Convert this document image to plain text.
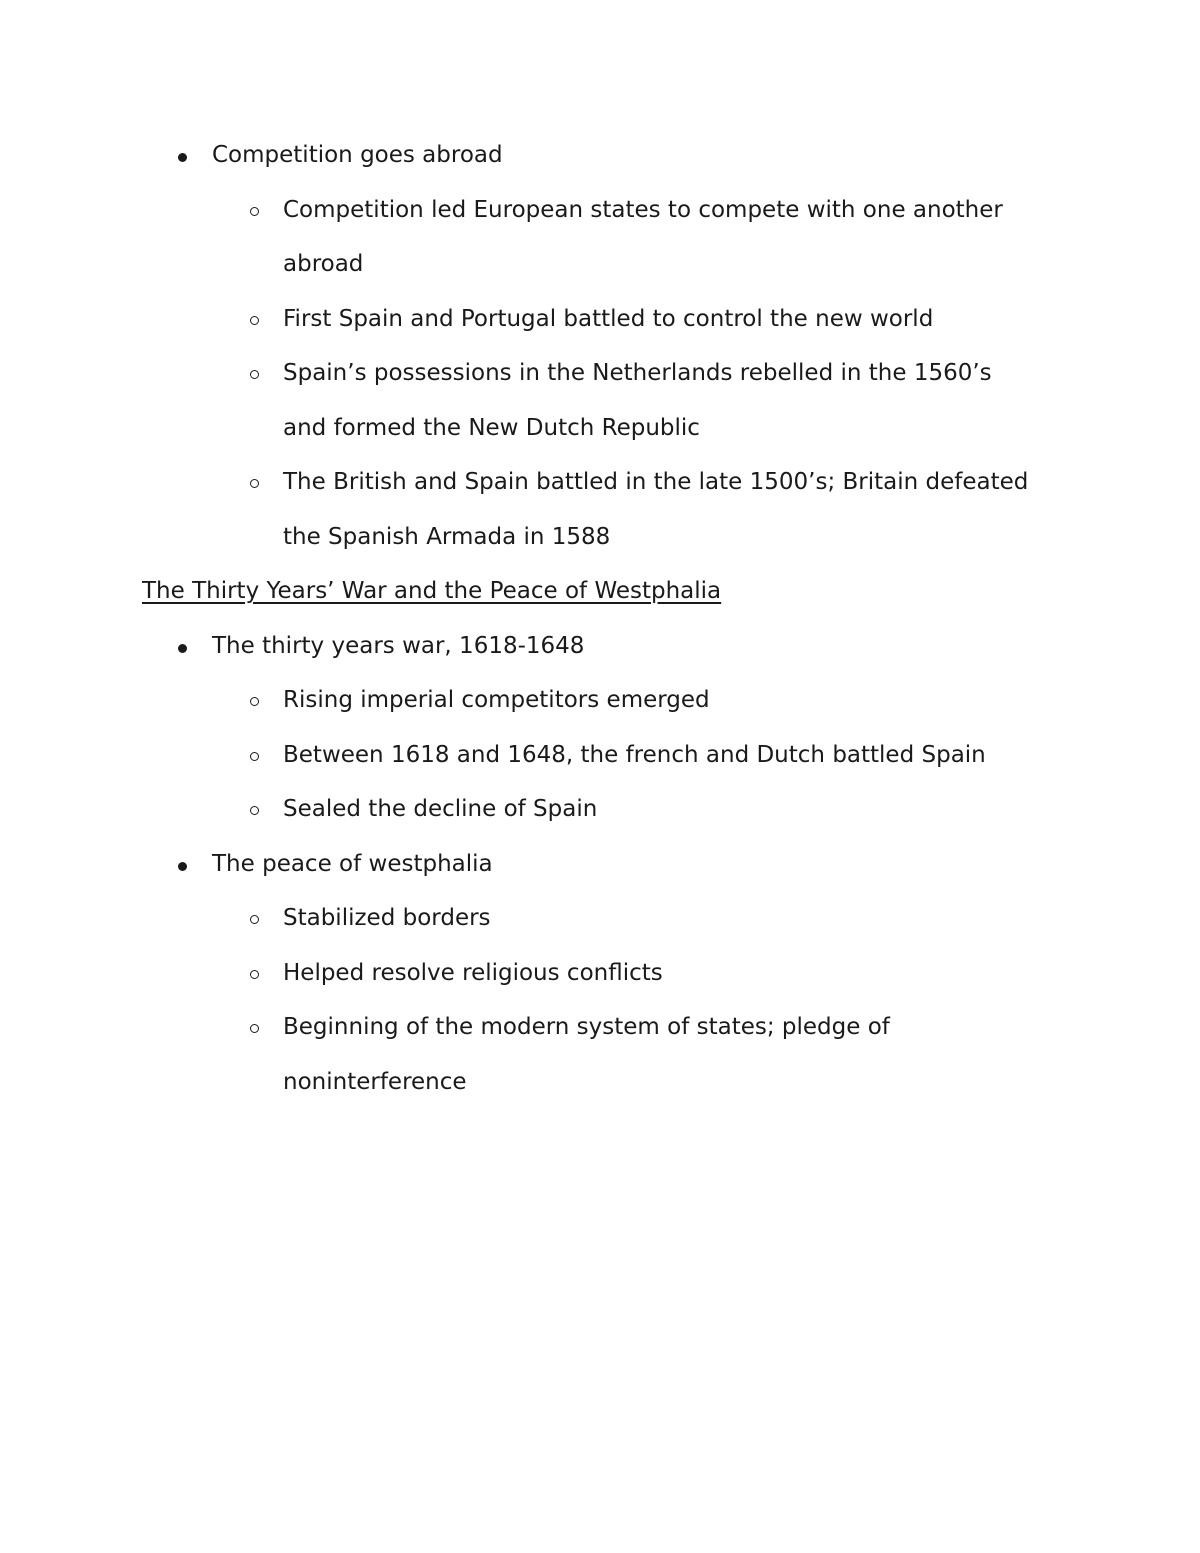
Competition goes abroad
Competition led European states to compete with one another
abroad
First Spain and Portugal battled to control the new world
Spain’s possessions in the Netherlands rebelled in the 1560’s
and formed the New Dutch Republic
The British and Spain battled in the late 1500’s; Britain defeated
the Spanish Armada in 1588
The Thirty Years’ War and the Peace of Westphalia
The thirty years war, 1618-1648
Rising imperial competitors emerged
Between 1618 and 1648, the french and Dutch battled Spain
Sealed the decline of Spain
The peace of westphalia
Stabilized borders
Helped resolve religious conflicts
Beginning of the modern system of states; pledge of
noninterference
